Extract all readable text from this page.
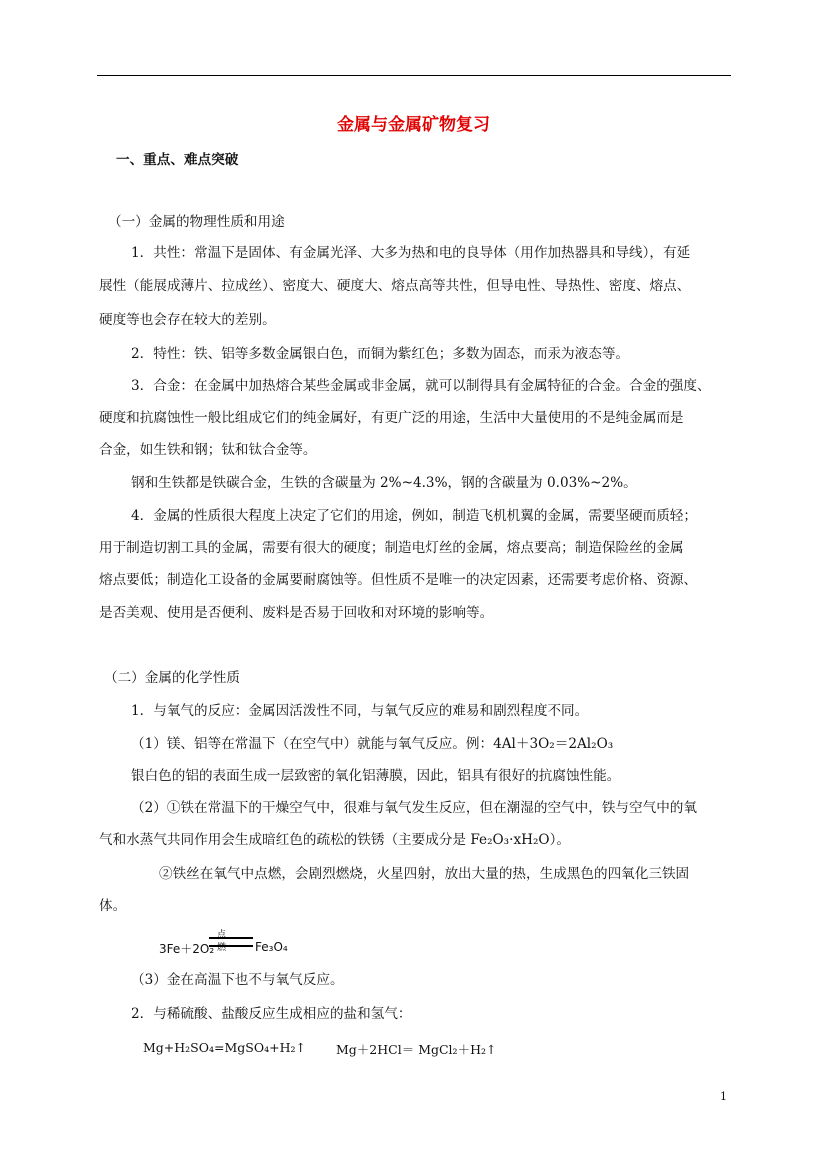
金属与金属矿物复习
一、重点、难点突破
（一）金属的物理性质和用途
1．共性：常温下是固体、有金属光泽、大多为热和电的良导体（用作加热器具和导线），有延
展性（能展成薄片、拉成丝）、密度大、硬度大、熔点高等共性，但导电性、导热性、密度、熔点、
硬度等也会存在较大的差别。
2．特性：铁、铝等多数金属银白色，而铜为紫红色；多数为固态，而汞为液态等。
3．合金：在金属中加热熔合某些金属或非金属，就可以制得具有金属特征的合金。合金的强度、
硬度和抗腐蚀性一般比组成它们的纯金属好，有更广泛的用途，生活中大量使用的不是纯金属而是
合金，如生铁和钢；钛和钛合金等。
钢和生铁都是铁碳合金，生铁的含碳量为 2%~4.3%，钢的含碳量为 0.03%~2%。
4．金属的性质很大程度上决定了它们的用途，例如，制造飞机机翼的金属，需要坚硬而质轻；
用于制造切割工具的金属，需要有很大的硬度；制造电灯丝的金属，熔点要高；制造保险丝的金属
熔点要低；制造化工设备的金属要耐腐蚀等。但性质不是唯一的决定因素，还需要考虑价格、资源、
是否美观、使用是否便利、废料是否易于回收和对环境的影响等。
（二）金属的化学性质
1．与氧气的反应：金属因活泼性不同，与氧气反应的难易和剧烈程度不同。
（1）镁、铝等在常温下（在空气中）就能与氧气反应。例：4Al＋3O₂＝2Al₂O₃
银白色的铝的表面生成一层致密的氧化铝薄膜，因此，铝具有很好的抗腐蚀性能。
（2）①铁在常温下的干燥空气中，很难与氧气发生反应，但在潮湿的空气中，铁与空气中的氧
气和水蒸气共同作用会生成暗红色的疏松的铁锈（主要成分是 Fe₂O₃·xH₂O）。
②铁丝在氧气中点燃，会剧烈燃烧，火星四射，放出大量的热，生成黑色的四氧化三铁固
体。
点燃
3Fe＋2O₂	Fe₃O₄
（3）金在高温下也不与氧气反应。
2．与稀硫酸、盐酸反应生成相应的盐和氢气：
Mg+H₂SO₄=MgSO₄+H₂↑ Mg＋2HCl＝ MgCl₂＋H₂↑
1
